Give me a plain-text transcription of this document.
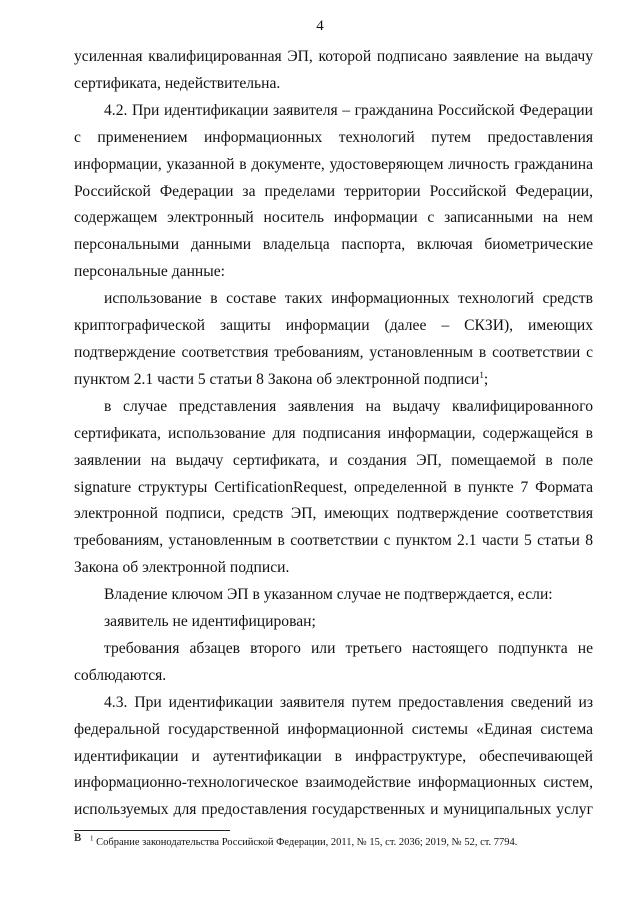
4

усиленная квалифицированная ЭП, которой подписано заявление на выдачу сертификата, недействительна.

4.2. При идентификации заявителя – гражданина Российской Федерации с применением информационных технологий путем предоставления информации, указанной в документе, удостоверяющем личность гражданина Российской Федерации за пределами территории Российской Федерации, содержащем электронный носитель информации с записанными на нем персональными данными владельца паспорта, включая биометрические персональные данные:

использование в составе таких информационных технологий средств криптографической защиты информации (далее – СКЗИ), имеющих подтверждение соответствия требованиям, установленным в соответствии с пунктом 2.1 части 5 статьи 8 Закона об электронной подписи$^1$;

в случае представления заявления на выдачу квалифицированного сертификата, использование для подписания информации, содержащейся в заявлении на выдачу сертификата, и создания ЭП, помещаемой в поле signature структуры CertificationRequest, определенной в пункте 7 Формата электронной подписи, средств ЭП, имеющих подтверждение соответствия требованиям, установленным в соответствии с пунктом 2.1 части 5 статьи 8 Закона об электронной подписи.

Владение ключом ЭП в указанном случае не подтверждается, если:

заявитель не идентифицирован;

требования абзацев второго или третьего настоящего подпункта не соблюдаются.

4.3. При идентификации заявителя путем предоставления сведений из федеральной государственной информационной системы «Единая система идентификации и аутентификации в инфраструктуре, обеспечивающей информационно-технологическое взаимодействие информационных систем, используемых для предоставления государственных и муниципальных услуг в	$^1$ Собрание законодательства Российской Федерации, 2011, № 15, ст. 2036; 2019, № 52, ст. 7794.
